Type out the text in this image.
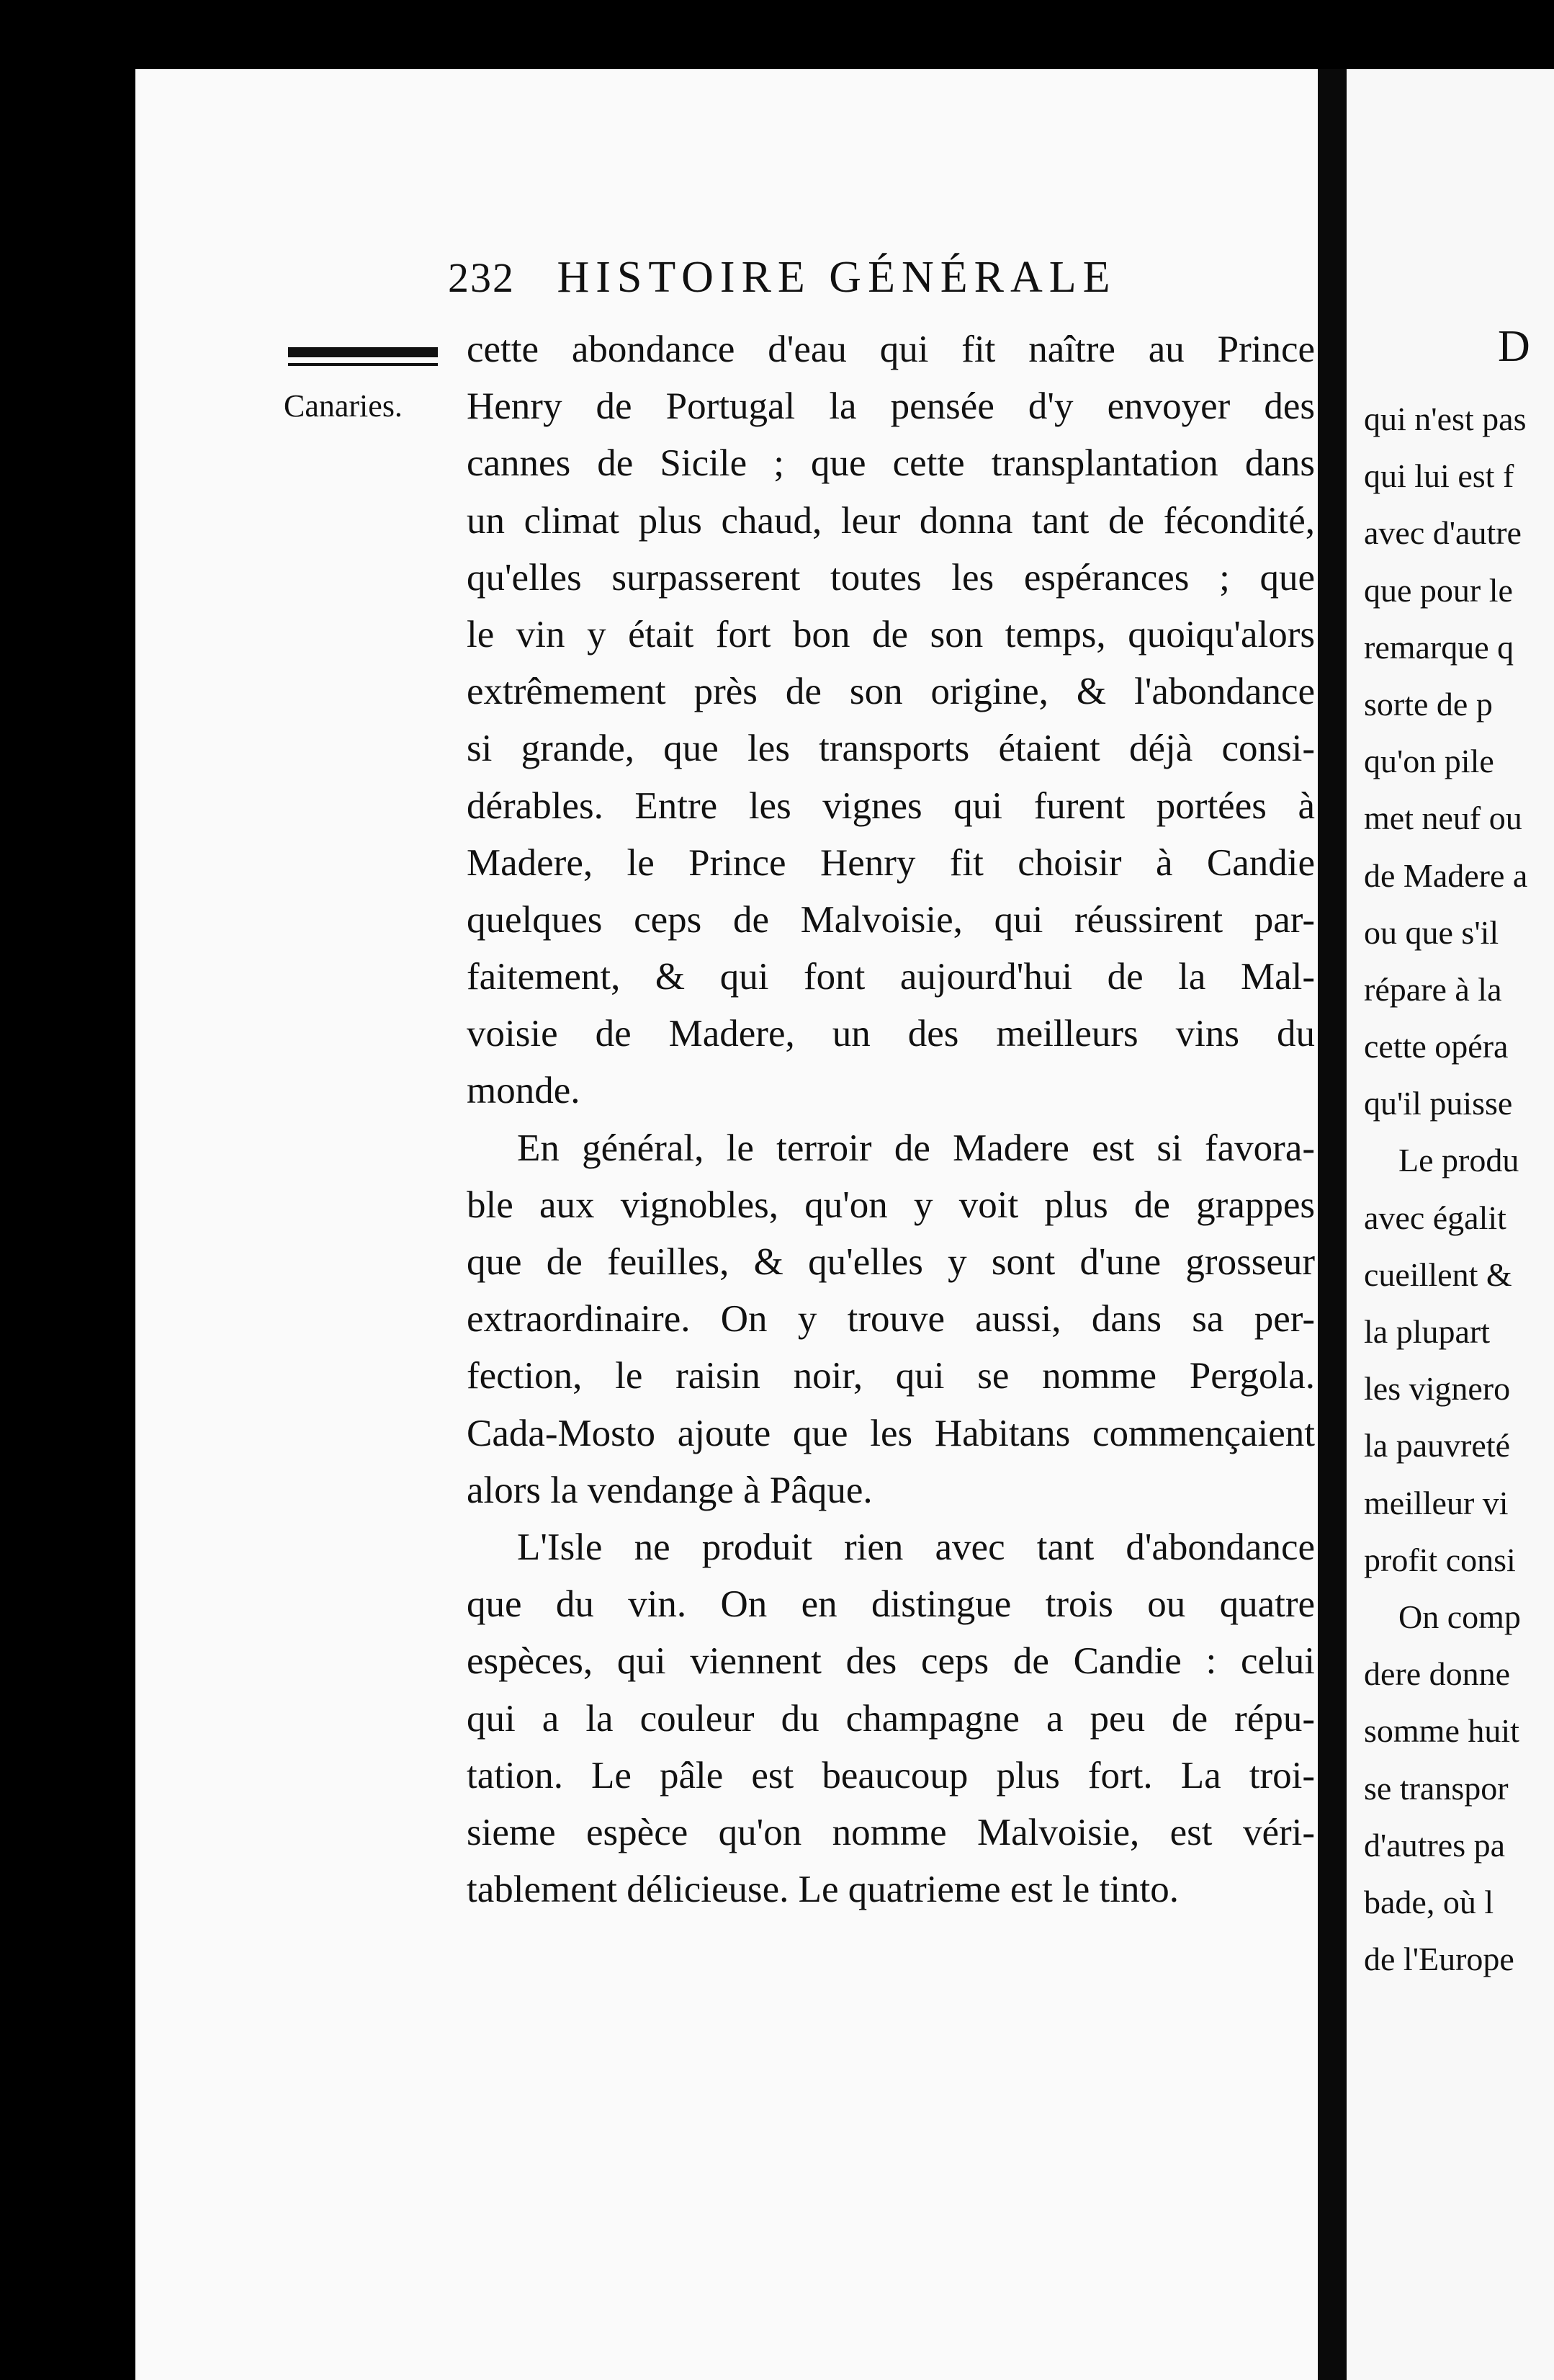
232 HISTOIRE GÉNÉRALE
Canaries.
cette abondance d'eau qui fit naître au Prince
Henry de Portugal la pensée d'y envoyer des
cannes de Sicile ; que cette transplantation dans
un climat plus chaud, leur donna tant de fécondité,
qu'elles surpasserent toutes les espérances ; que
le vin y était fort bon de son temps, quoiqu'alors
extrêmement près de son origine, & l'abondance
si grande, que les transports étaient déjà consi-
dérables. Entre les vignes qui furent portées à
Madere, le Prince Henry fit choisir à Candie
quelques ceps de Malvoisie, qui réussirent par-
faitement, & qui font aujourd'hui de la Mal-
voisie de Madere, un des meilleurs vins du
monde.
En général, le terroir de Madere est si favora-
ble aux vignobles, qu'on y voit plus de grappes
que de feuilles, & qu'elles y sont d'une grosseur
extraordinaire. On y trouve aussi, dans sa per-
fection, le raisin noir, qui se nomme Pergola.
Cada-Mosto ajoute que les Habitans commençaient
alors la vendange à Pâque.
L'Isle ne produit rien avec tant d'abondance
que du vin. On en distingue trois ou quatre
espèces, qui viennent des ceps de Candie : celui
qui a la couleur du champagne a peu de répu-
tation. Le pâle est beaucoup plus fort. La troi-
sieme espèce qu'on nomme Malvoisie, est véri-
tablement délicieuse. Le quatrieme est le tinto.
D
qui n'est pas
qui lui est f
avec d'autre
que pour le
remarque q
sorte de p
qu'on pile
met neuf ou
de Madere a
ou que s'il
répare à la
cette opéra
qu'il puisse
Le produ
avec égalit
cueillent &
la plupart
les vignero
la pauvreté
meilleur vi
profit consi
On comp
dere donne
somme huit
se transpor
d'autres pa
bade, où l
de l'Europe
